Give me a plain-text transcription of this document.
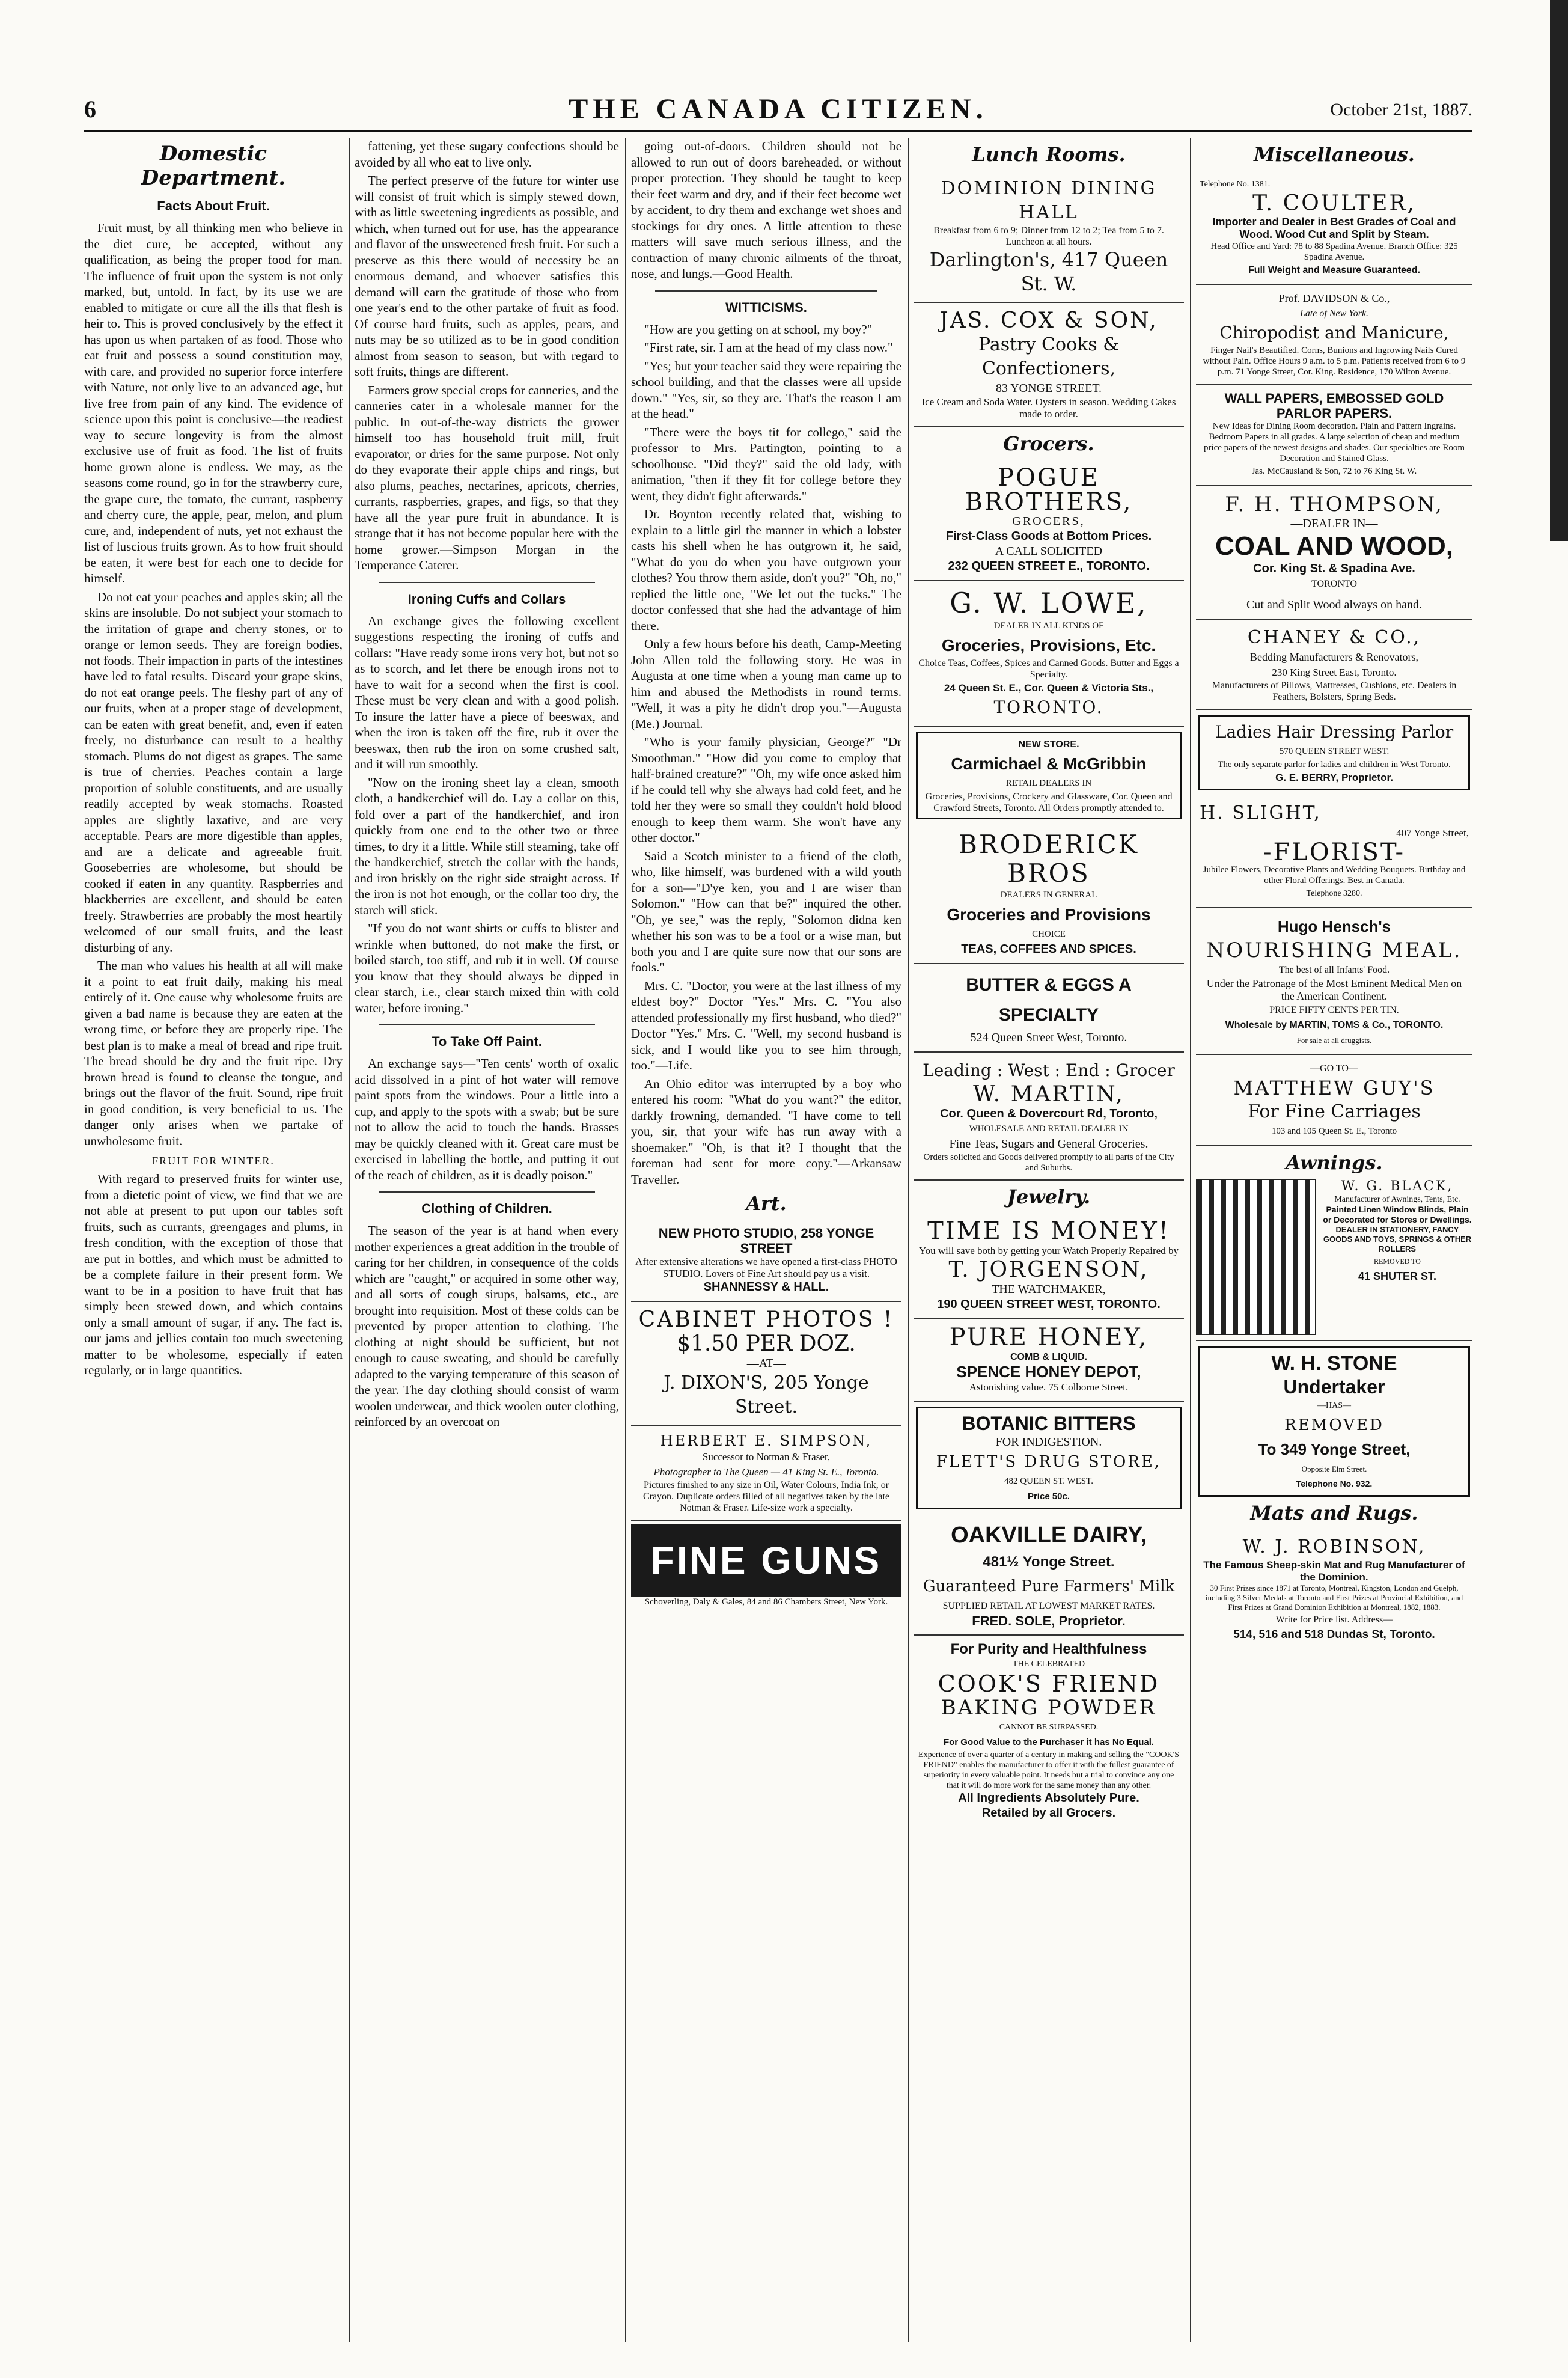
6	THE CANADA CITIZEN.	October 21st, 1887.
Domestic Department.
Facts About Fruit.

Fruit must, by all thinking men who believe in the diet cure, be accepted, without any qualification, as being the proper food for man. The influence of fruit upon the system is not only marked, but, untold. In fact, by its use we are enabled to mitigate or cure all the ills that flesh is heir to. This is proved conclusively by the effect it has upon us when partaken of as food. Those who eat fruit and possess a sound constitution may, with care, and provided no superior force interfere with Nature, not only live to an advanced age, but live free from pain of any kind. The evidence of science upon this point is conclusive—the readiest way to secure longevity is from the almost exclusive use of fruit as food. The list of fruits home grown alone is endless. We may, as the seasons come round, go in for the strawberry cure, the grape cure, the tomato, the currant, raspberry and cherry cure, the apple, pear, melon, and plum cure, and, independent of nuts, yet not exhaust the list of luscious fruits grown. As to how fruit should be eaten, it were best for each one to decide for himself.

Do not eat your peaches and apples skin; all the skins are insoluble. Do not subject your stomach to the irritation of grape and cherry stones, or to orange or lemon seeds. They are foreign bodies, not foods. Their impaction in parts of the intestines have led to fatal results. Discard your grape skins, do not eat orange peels. The fleshy part of any of our fruits, when at a proper stage of development, can be eaten with great benefit, and, even if eaten freely, no disturbance can result to a healthy stomach. Plums do not digest as grapes. The same is true of cherries. Peaches contain a large proportion of soluble constituents, and are usually readily accepted by weak stomachs. Roasted apples are slightly laxative, and are very acceptable. Pears are more digestible than apples, and are a delicate and agreeable fruit. Gooseberries are wholesome, but should be cooked if eaten in any quantity. Raspberries and blackberries are excellent, and should be eaten freely. Strawberries are probably the most heartily welcomed of our small fruits, and the least disturbing of any.

The man who values his health at all will make it a point to eat fruit daily, making his meal entirely of it. One cause why wholesome fruits are given a bad name is because they are eaten at the wrong time, or before they are properly ripe. The best plan is to make a meal of bread and ripe fruit. The bread should be dry and the fruit ripe. Dry brown bread is found to cleanse the tongue, and brings out the flavor of the fruit. Sound, ripe fruit in good condition, is very beneficial to us. The danger only arises when we partake of unwholesome fruit.

FRUIT FOR WINTER.

With regard to preserved fruits for winter use, from a dietetic point of view, we find that we are not able at present to put upon our tables soft fruits, such as currants, greengages and plums, in fresh condition, with the exception of those that are put in bottles, and which must be admitted to be a complete failure in their present form. We want to be in a position to have fruit that has simply been stewed down, and which contains only a small amount of sugar, if any. The fact is, our jams and jellies contain too much sweetening matter to be wholesome, especially if eaten regularly, or in large quantities.

fattening, yet these sugary confections should be avoided by all who eat to live only.

The perfect preserve of the future for winter use will consist of fruit which is simply stewed down, with as little sweetening ingredients as possible, and which, when turned out for use, has the appearance and flavor of the unsweetened fresh fruit. For such a preserve as this there would of necessity be an enormous demand, and whoever satisfies this demand will earn the gratitude of those who from one year's end to the other partake of fruit as food. Of course hard fruits, such as apples, pears, and nuts may be so utilized as to be in good condition almost from season to season, but with regard to soft fruits, things are different.

Farmers grow special crops for canneries, and the canneries cater in a wholesale manner for the public. In out-of-the-way districts the grower himself too has household fruit mill, fruit evaporator, or dries for the same purpose. Not only do they evaporate their apple chips and rings, but also plums, peaches, nectarines, apricots, cherries, currants, raspberries, grapes, and figs, so that they have all the year pure fruit in abundance. It is strange that it has not become popular here with the home grower.—Simpson Morgan in the Temperance Caterer.

Ironing Cuffs and Collars

An exchange gives the following excellent suggestions respecting the ironing of cuffs and collars: "Have ready some irons very hot, but not so as to scorch, and let there be enough irons not to have to wait for a second when the first is cool. These must be very clean and with a good polish. To insure the latter have a piece of beeswax, and when the iron is taken off the fire, rub it over the beeswax, then rub the iron on some crushed salt, and it will run smoothly.

"Now on the ironing sheet lay a clean, smooth cloth, a handkerchief will do. Lay a collar on this, fold over a part of the handkerchief, and iron quickly from one end to the other two or three times, to dry it a little. While still steaming, take off the handkerchief, stretch the collar with the hands, and iron briskly on the right side straight across. If the iron is not hot enough, or the collar too dry, the starch will stick.

"If you do not want shirts or cuffs to blister and wrinkle when buttoned, do not make the first, or boiled starch, too stiff, and rub it in well. Of course you know that they should always be dipped in clear starch, i.e., clear starch mixed thin with cold water, before ironing."

To Take Off Paint.

An exchange says—"Ten cents' worth of oxalic acid dissolved in a pint of hot water will remove paint spots from the windows. Pour a little into a cup, and apply to the spots with a swab; but be sure not to allow the acid to touch the hands. Brasses may be quickly cleaned with it. Great care must be exercised in labelling the bottle, and putting it out of the reach of children, as it is deadly poison."

Clothing of Children.

The season of the year is at hand when every mother experiences a great addition in the trouble of caring for her children, in consequence of the colds which are "caught," or acquired in some other way, and all sorts of cough sirups, balsams, etc., are brought into requisition. Most of these colds can be prevented by proper attention to clothing. The clothing at night should be sufficient, but not enough to cause sweating, and should be carefully adapted to the varying temperature of this season of the year. The day clothing should consist of warm woolen underwear, and thick woolen outer clothing, reinforced by an overcoat on

going out-of-doors. Children should not be allowed to run out of doors bareheaded, or without proper protection. They should be taught to keep their feet warm and dry, and if their feet become wet by accident, to dry them and exchange wet shoes and stockings for dry ones. A little attention to these matters will save much serious illness, and the contraction of many chronic ailments of the throat, nose, and lungs.—Good Health.

WITTICISMS.

"How are you getting on at school, my boy?"

"First rate, sir. I am at the head of my class now."

"Yes; but your teacher said they were repairing the school building, and that the classes were all upside down." "Yes, sir, so they are. That's the reason I am at the head."

"There were the boys tit for collego," said the professor to Mrs. Partington, pointing to a schoolhouse. "Did they?" said the old lady, with animation, "then if they fit for college before they went, they didn't fight afterwards."

Dr. Boynton recently related that, wishing to explain to a little girl the manner in which a lobster casts his shell when he has outgrown it, he said, "What do you do when you have outgrown your clothes? You throw them aside, don't you?" "Oh, no," replied the little one, "We let out the tucks." The doctor confessed that she had the advantage of him there.

Only a few hours before his death, Camp-Meeting John Allen told the following story. He was in Augusta at one time when a young man came up to him and abused the Methodists in round terms. "Well, it was a pity he didn't drop you."—Augusta (Me.) Journal.

"Who is your family physician, George?" "Dr Smoothman." "How did you come to employ that half-brained creature?" "Oh, my wife once asked him if he could tell why she always had cold feet, and he told her they were so small they couldn't hold blood enough to keep them warm. She won't have any other doctor."

Said a Scotch minister to a friend of the cloth, who, like himself, was burdened with a wild youth for a son—"D'ye ken, you and I are wiser than Solomon." "How can that be?" inquired the other. "Oh, ye see," was the reply, "Solomon didna ken whether his son was to be a fool or a wise man, but both you and I are quite sure now that our sons are fools."

Mrs. C. "Doctor, you were at the last illness of my eldest boy?" Doctor "Yes." Mrs. C. "You also attended professionally my first husband, who died?" Doctor "Yes." Mrs. C. "Well, my second husband is sick, and I would like you to see him through, too."—Life.

An Ohio editor was interrupted by a boy who entered his room: "What do you want?" the editor, darkly frowning, demanded. "I have come to tell you, sir, that your wife has run away with a shoemaker." "Oh, is that it? I thought that the foreman had sent for more copy."—Arkansaw Traveller.

Art.
NEW PHOTO STUDIO, 258 YONGE STREET
After extensive alterations we have opened a first-class PHOTO STUDIO. Lovers of Fine Art should pay us a visit.
SHANNESSY & HALL.
CABINET PHOTOS !
$1.50 PER DOZ.
—AT—
J. DIXON'S, 205 Yonge Street.
HERBERT E. SIMPSON,
Successor to Notman & Fraser,
Photographer to The Queen — 41 King St. E., Toronto.
Pictures finished to any size in Oil, Water Colours, India Ink, or Crayon. Duplicate orders filled of all negatives taken by the late Notman & Fraser. Life-size work a specialty.
FINE GUNS
Schoverling, Daly & Gales, 84 and 86 Chambers Street, New York.
Lunch Rooms.
DOMINION DINING HALL
Breakfast from 6 to 9; Dinner from 12 to 2; Tea from 5 to 7. Luncheon at all hours.
Darlington's, 417 Queen St. W.
JAS. COX & SON,
Pastry Cooks & Confectioners,
83 YONGE STREET.
Ice Cream and Soda Water. Oysters in season. Wedding Cakes made to order.
Grocers.
POGUE BROTHERS,
GROCERS,
First-Class Goods at Bottom Prices.
A CALL SOLICITED
232 QUEEN STREET E., TORONTO.
G. W. LOWE,
DEALER IN ALL KINDS OF
Groceries, Provisions, Etc.
Choice Teas, Coffees, Spices and Canned Goods. Butter and Eggs a Specialty.
24 Queen St. E., Cor. Queen & Victoria Sts.,
TORONTO.
NEW STORE.
Carmichael & McGribbin
RETAIL DEALERS IN
Groceries, Provisions, Crockery and Glassware, Cor. Queen and Crawford Streets, Toronto. All Orders promptly attended to.
BRODERICK BROS
DEALERS IN GENERAL
Groceries and Provisions
CHOICE
TEAS, COFFEES AND SPICES.
BUTTER & EGGS A SPECIALTY
524 Queen Street West, Toronto.
Leading : West : End : Grocer
W. MARTIN,
Cor. Queen & Dovercourt Rd, Toronto,
WHOLESALE AND RETAIL DEALER IN
Fine Teas, Sugars and General Groceries.
Orders solicited and Goods delivered promptly to all parts of the City and Suburbs.
Jewelry.
TIME IS MONEY!
You will save both by getting your Watch Properly Repaired by
T. JORGENSON,
THE WATCHMAKER,
190 QUEEN STREET WEST, TORONTO.
PURE HONEY,
COMB & LIQUID.
SPENCE HONEY DEPOT,
Astonishing value. 75 Colborne Street.
BOTANIC BITTERS
FOR INDIGESTION.
FLETT'S DRUG STORE,
482 QUEEN ST. WEST.
Price 50c.
OAKVILLE DAIRY,
481½ Yonge Street.
Guaranteed Pure Farmers' Milk
SUPPLIED RETAIL AT LOWEST MARKET RATES.
FRED. SOLE, Proprietor.
For Purity and Healthfulness
THE CELEBRATED
COOK'S FRIEND
BAKING POWDER
CANNOT BE SURPASSED.
For Good Value to the Purchaser it has No Equal.
Experience of over a quarter of a century in making and selling the "COOK'S FRIEND" enables the manufacturer to offer it with the fullest guarantee of superiority in every valuable point. It needs but a trial to convince any one that it will do more work for the same money than any other.
All Ingredients Absolutely Pure.
Retailed by all Grocers.
Miscellaneous.
Telephone No. 1381.
T. COULTER,
Importer and Dealer in Best Grades of Coal and Wood. Wood Cut and Split by Steam.
Head Office and Yard: 78 to 88 Spadina Avenue. Branch Office: 325 Spadina Avenue.
Full Weight and Measure Guaranteed.
Prof. DAVIDSON & Co.,
Late of New York.
Chiropodist and Manicure,
Finger Nail's Beautified. Corns, Bunions and Ingrowing Nails Cured without Pain. Office Hours 9 a.m. to 5 p.m. Patients received from 6 to 9 p.m. 71 Yonge Street, Cor. King. Residence, 170 Wilton Avenue.
WALL PAPERS, EMBOSSED GOLD PARLOR PAPERS.
New Ideas for Dining Room decoration. Plain and Pattern Ingrains. Bedroom Papers in all grades. A large selection of cheap and medium price papers of the newest designs and shades. Our specialties are Room Decoration and Stained Glass.
Jas. McCausland & Son, 72 to 76 King St. W.
F. H. THOMPSON,
—DEALER IN—
COAL AND WOOD,
Cor. King St. & Spadina Ave.
TORONTO
Cut and Split Wood always on hand.
CHANEY & CO.,
Bedding Manufacturers & Renovators,
230 King Street East, Toronto.
Manufacturers of Pillows, Mattresses, Cushions, etc. Dealers in Feathers, Bolsters, Spring Beds.
Ladies Hair Dressing Parlor
570 QUEEN STREET WEST.
The only separate parlor for ladies and children in West Toronto.
G. E. BERRY, Proprietor.
H. SLIGHT,
407 Yonge Street,
-FLORIST-
Jubilee Flowers, Decorative Plants and Wedding Bouquets. Birthday and other Floral Offerings. Best in Canada.
Telephone 3280.
Hugo Hensch's
NOURISHING MEAL.
The best of all Infants' Food.
Under the Patronage of the Most Eminent Medical Men on the American Continent.
PRICE FIFTY CENTS PER TIN.
Wholesale by MARTIN, TOMS & Co., TORONTO.
For sale at all druggists.
—GO TO—
MATTHEW GUY'S
For Fine Carriages
103 and 105 Queen St. E., Toronto
Awnings.
W. G. BLACK,
Manufacturer of Awnings, Tents, Etc.
Painted Linen Window Blinds, Plain or Decorated for Stores or Dwellings.
DEALER IN STATIONERY, FANCY GOODS AND TOYS, SPRINGS & OTHER ROLLERS
REMOVED TO
41 SHUTER ST.
W. H. STONE
Undertaker
—HAS—
REMOVED
To 349 Yonge Street,
Opposite Elm Street.
Telephone No. 932.
Mats and Rugs.
W. J. ROBINSON,
The Famous Sheep-skin Mat and Rug Manufacturer of the Dominion.
30 First Prizes since 1871 at Toronto, Montreal, Kingston, London and Guelph, including 3 Silver Medals at Toronto and First Prizes at Provincial Exhibition, and First Prizes at Grand Dominion Exhibition at Montreal, 1882, 1883.
Write for Price list. Address—
514, 516 and 518 Dundas St, Toronto.
